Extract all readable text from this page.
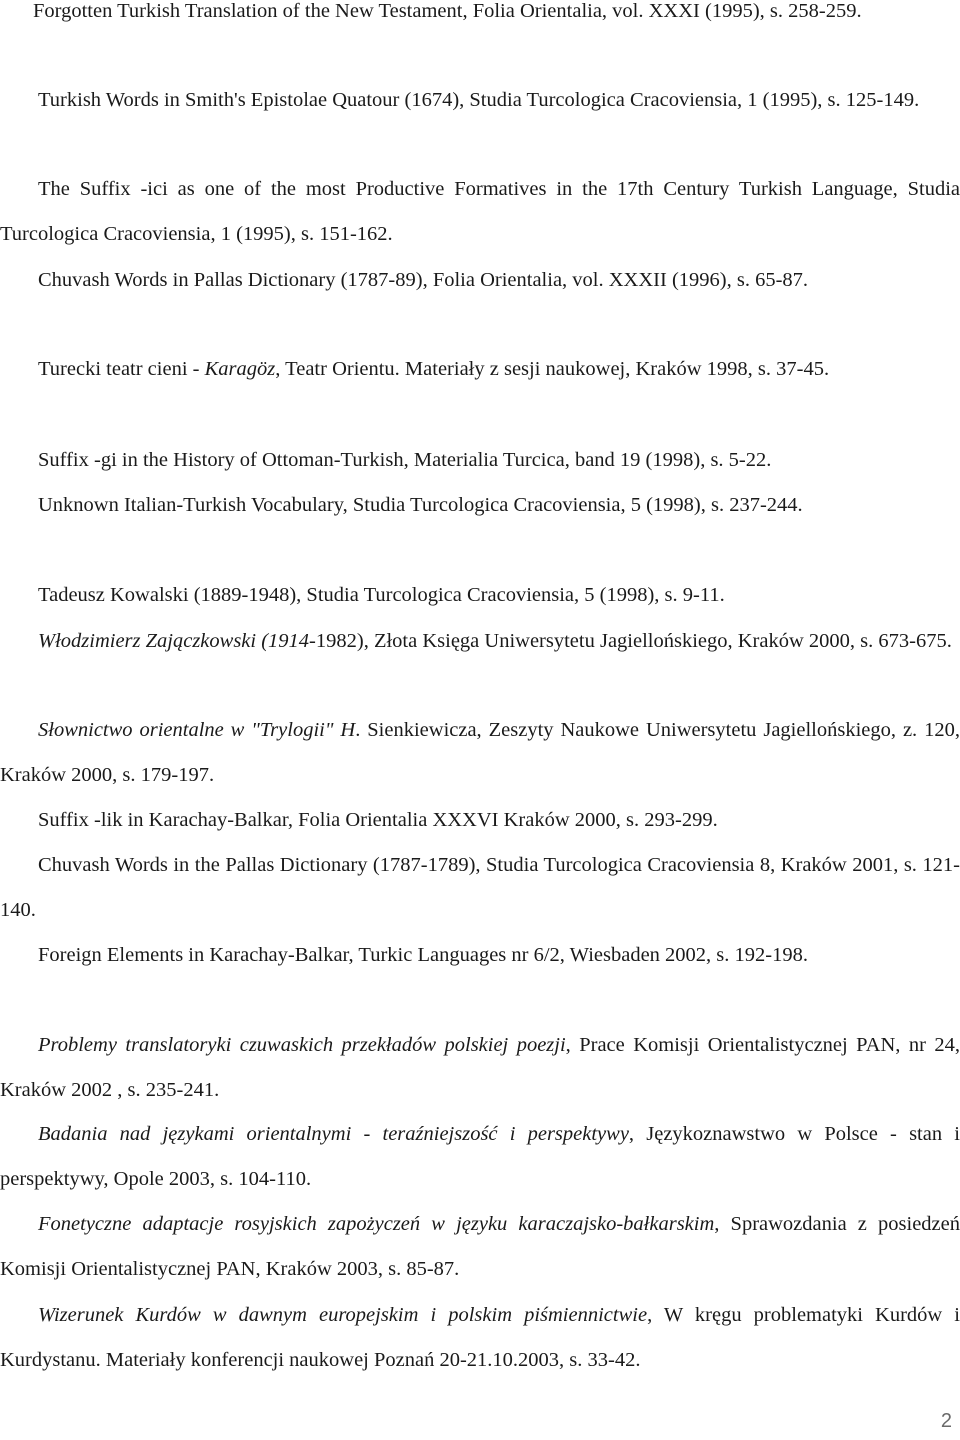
Forgotten Turkish Translation of the New Testament, Folia Orientalia, vol. XXXI (1995), s. 258-259.

Turkish Words in Smith's Epistolae Quatour (1674), Studia Turcologica Cracoviensia, 1 (1995), s. 125-149.

The Suffix -ici as one of the most Productive Formatives in the 17th Century Turkish Language, Studia Turcologica Cracoviensia, 1 (1995), s. 151-162.

Chuvash Words in Pallas Dictionary (1787-89), Folia Orientalia, vol. XXXII (1996), s. 65-87.

Turecki teatr cieni - Karagöz, Teatr Orientu. Materiały z sesji naukowej, Kraków 1998, s. 37-45.

Suffix -gi in the History of Ottoman-Turkish, Materialia Turcica, band 19 (1998), s. 5-22.

Unknown Italian-Turkish Vocabulary, Studia Turcologica Cracoviensia, 5 (1998), s. 237-244.

Tadeusz Kowalski (1889-1948), Studia Turcologica Cracoviensia, 5 (1998), s. 9-11.

Włodzimierz Zajączkowski (1914-1982), Złota Księga Uniwersytetu Jagiellońskiego, Kraków 2000, s. 673-675.

Słownictwo orientalne w "Trylogii" H. Sienkiewicza, Zeszyty Naukowe Uniwersytetu Jagiellońskiego, z. 120, Kraków 2000, s. 179-197.

Suffix -lik in Karachay-Balkar, Folia Orientalia XXXVI Kraków 2000, s. 293-299.

Chuvash Words in the Pallas Dictionary (1787-1789), Studia Turcologica Cracoviensia 8, Kraków 2001, s. 121-140.

Foreign Elements in Karachay-Balkar, Turkic Languages nr 6/2, Wiesbaden 2002, s. 192-198.

Problemy translatoryki czuwaskich przekładów polskiej poezji, Prace Komisji Orientalistycznej PAN, nr 24, Kraków 2002 , s. 235-241.

Badania nad językami orientalnymi - teraźniejszość i perspektywy, Językoznawstwo w Polsce - stan i perspektywy, Opole 2003, s. 104-110.

Fonetyczne adaptacje rosyjskich zapożyczeń w języku karaczajsko-bałkarskim, Sprawozdania z posiedzeń Komisji Orientalistycznej PAN, Kraków 2003, s. 85-87.

Wizerunek Kurdów w dawnym europejskim i polskim piśmiennictwie, W kręgu problematyki Kurdów i Kurdystanu. Materiały konferencji naukowej Poznań 20-21.10.2003, s. 33-42.

2
